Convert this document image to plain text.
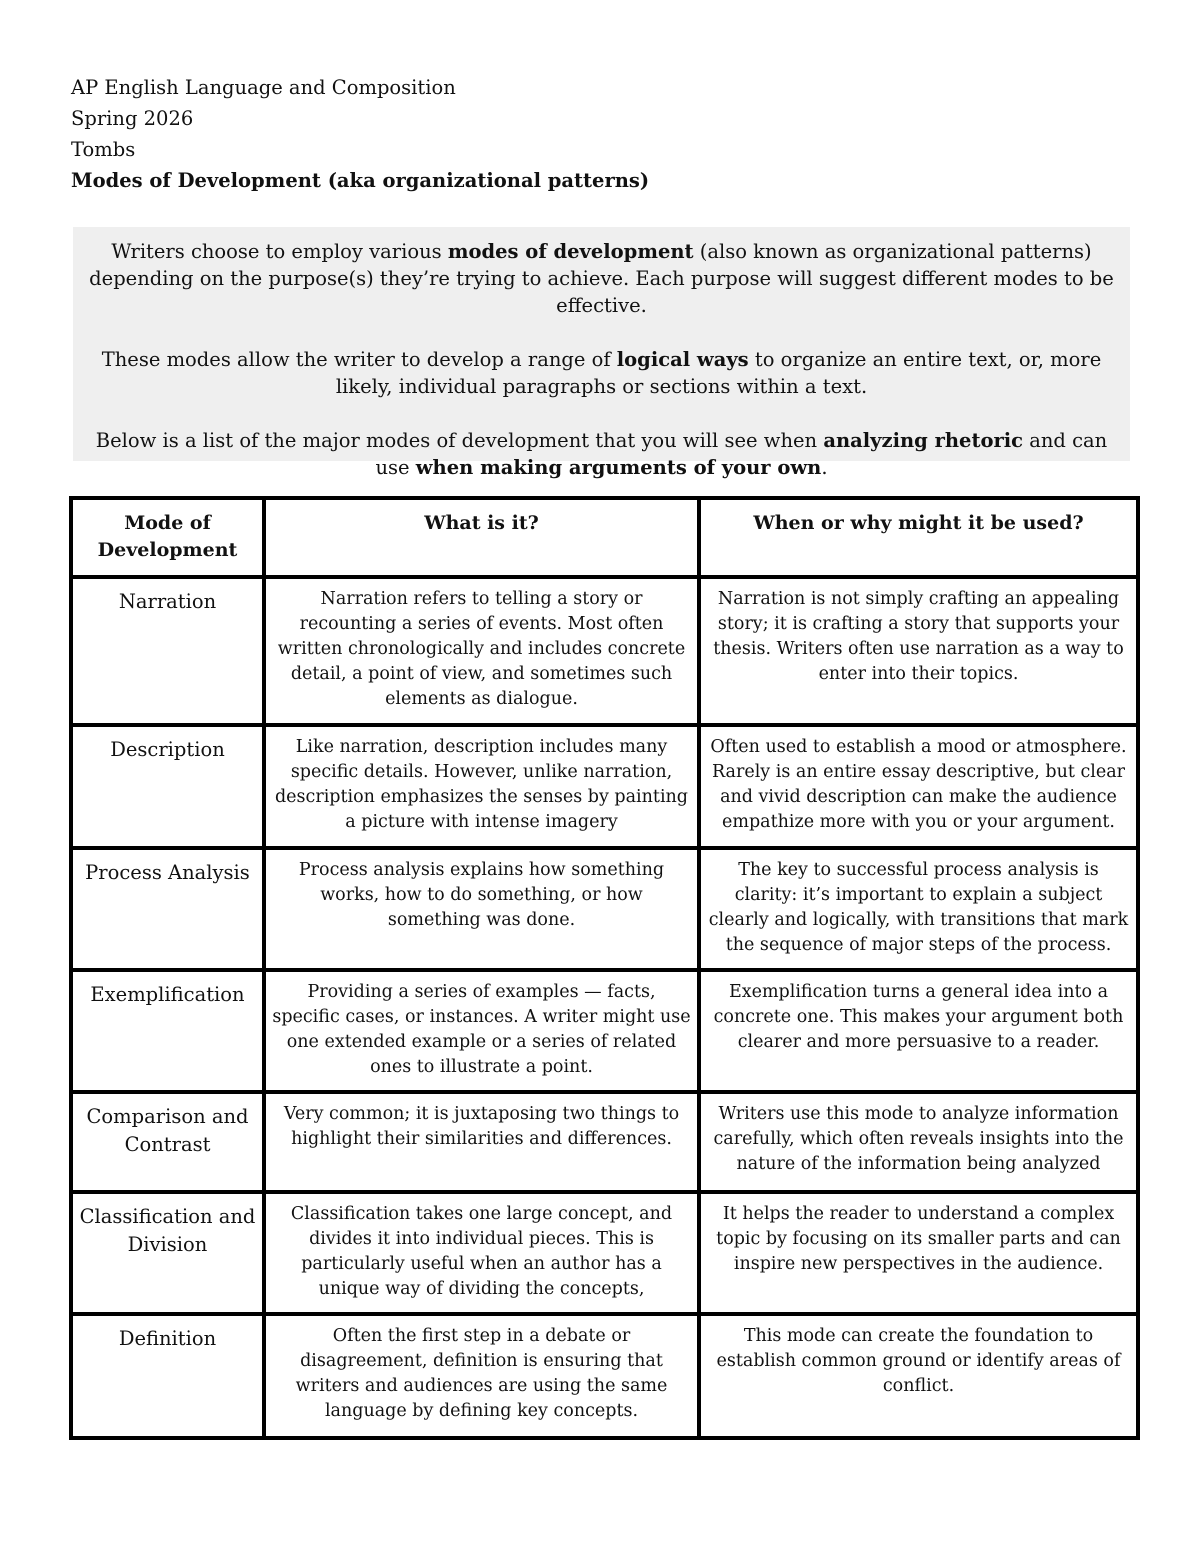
AP English Language and Composition
Spring 2026
Tombs
Modes of Development (aka organizational patterns)

Writers choose to employ various modes of development (also known as organizational patterns) depending on the purpose(s) they’re trying to achieve. Each purpose will suggest different modes to be effective.

These modes allow the writer to develop a range of logical ways to organize an entire text, or, more likely, individual paragraphs or sections within a text.

Below is a list of the major modes of development that you will see when analyzing rhetoric and can use when making arguments of your own.

Mode of Development	What is it?	When or why might it be used?
Narration	Narration refers to telling a story or recounting a series of events. Most often written chronologically and includes concrete detail, a point of view, and sometimes such elements as dialogue.	Narration is not simply crafting an appealing story; it is crafting a story that supports your thesis. Writers often use narration as a way to enter into their topics.
Description	Like narration, description includes many specific details. However, unlike narration, description emphasizes the senses by painting a picture with intense imagery	Often used to establish a mood or atmosphere. Rarely is an entire essay descriptive, but clear and vivid description can make the audience empathize more with you or your argument.
Process Analysis	Process analysis explains how something works, how to do something, or how something was done.	The key to successful process analysis is clarity: it’s important to explain a subject clearly and logically, with transitions that mark the sequence of major steps of the process.
Exemplification	Providing a series of examples — facts, specific cases, or instances. A writer might use one extended example or a series of related ones to illustrate a point.	Exemplification turns a general idea into a concrete one. This makes your argument both clearer and more persuasive to a reader.
Comparison and Contrast	Very common; it is juxtaposing two things to highlight their similarities and differences.	Writers use this mode to analyze information carefully, which often reveals insights into the nature of the information being analyzed
Classification and Division	Classification takes one large concept, and divides it into individual pieces. This is particularly useful when an author has a unique way of dividing the concepts,	It helps the reader to understand a complex topic by focusing on its smaller parts and can inspire new perspectives in the audience.
Definition	Often the first step in a debate or disagreement, definition is ensuring that writers and audiences are using the same language by defining key concepts.	This mode can create the foundation to establish common ground or identify areas of conflict.
